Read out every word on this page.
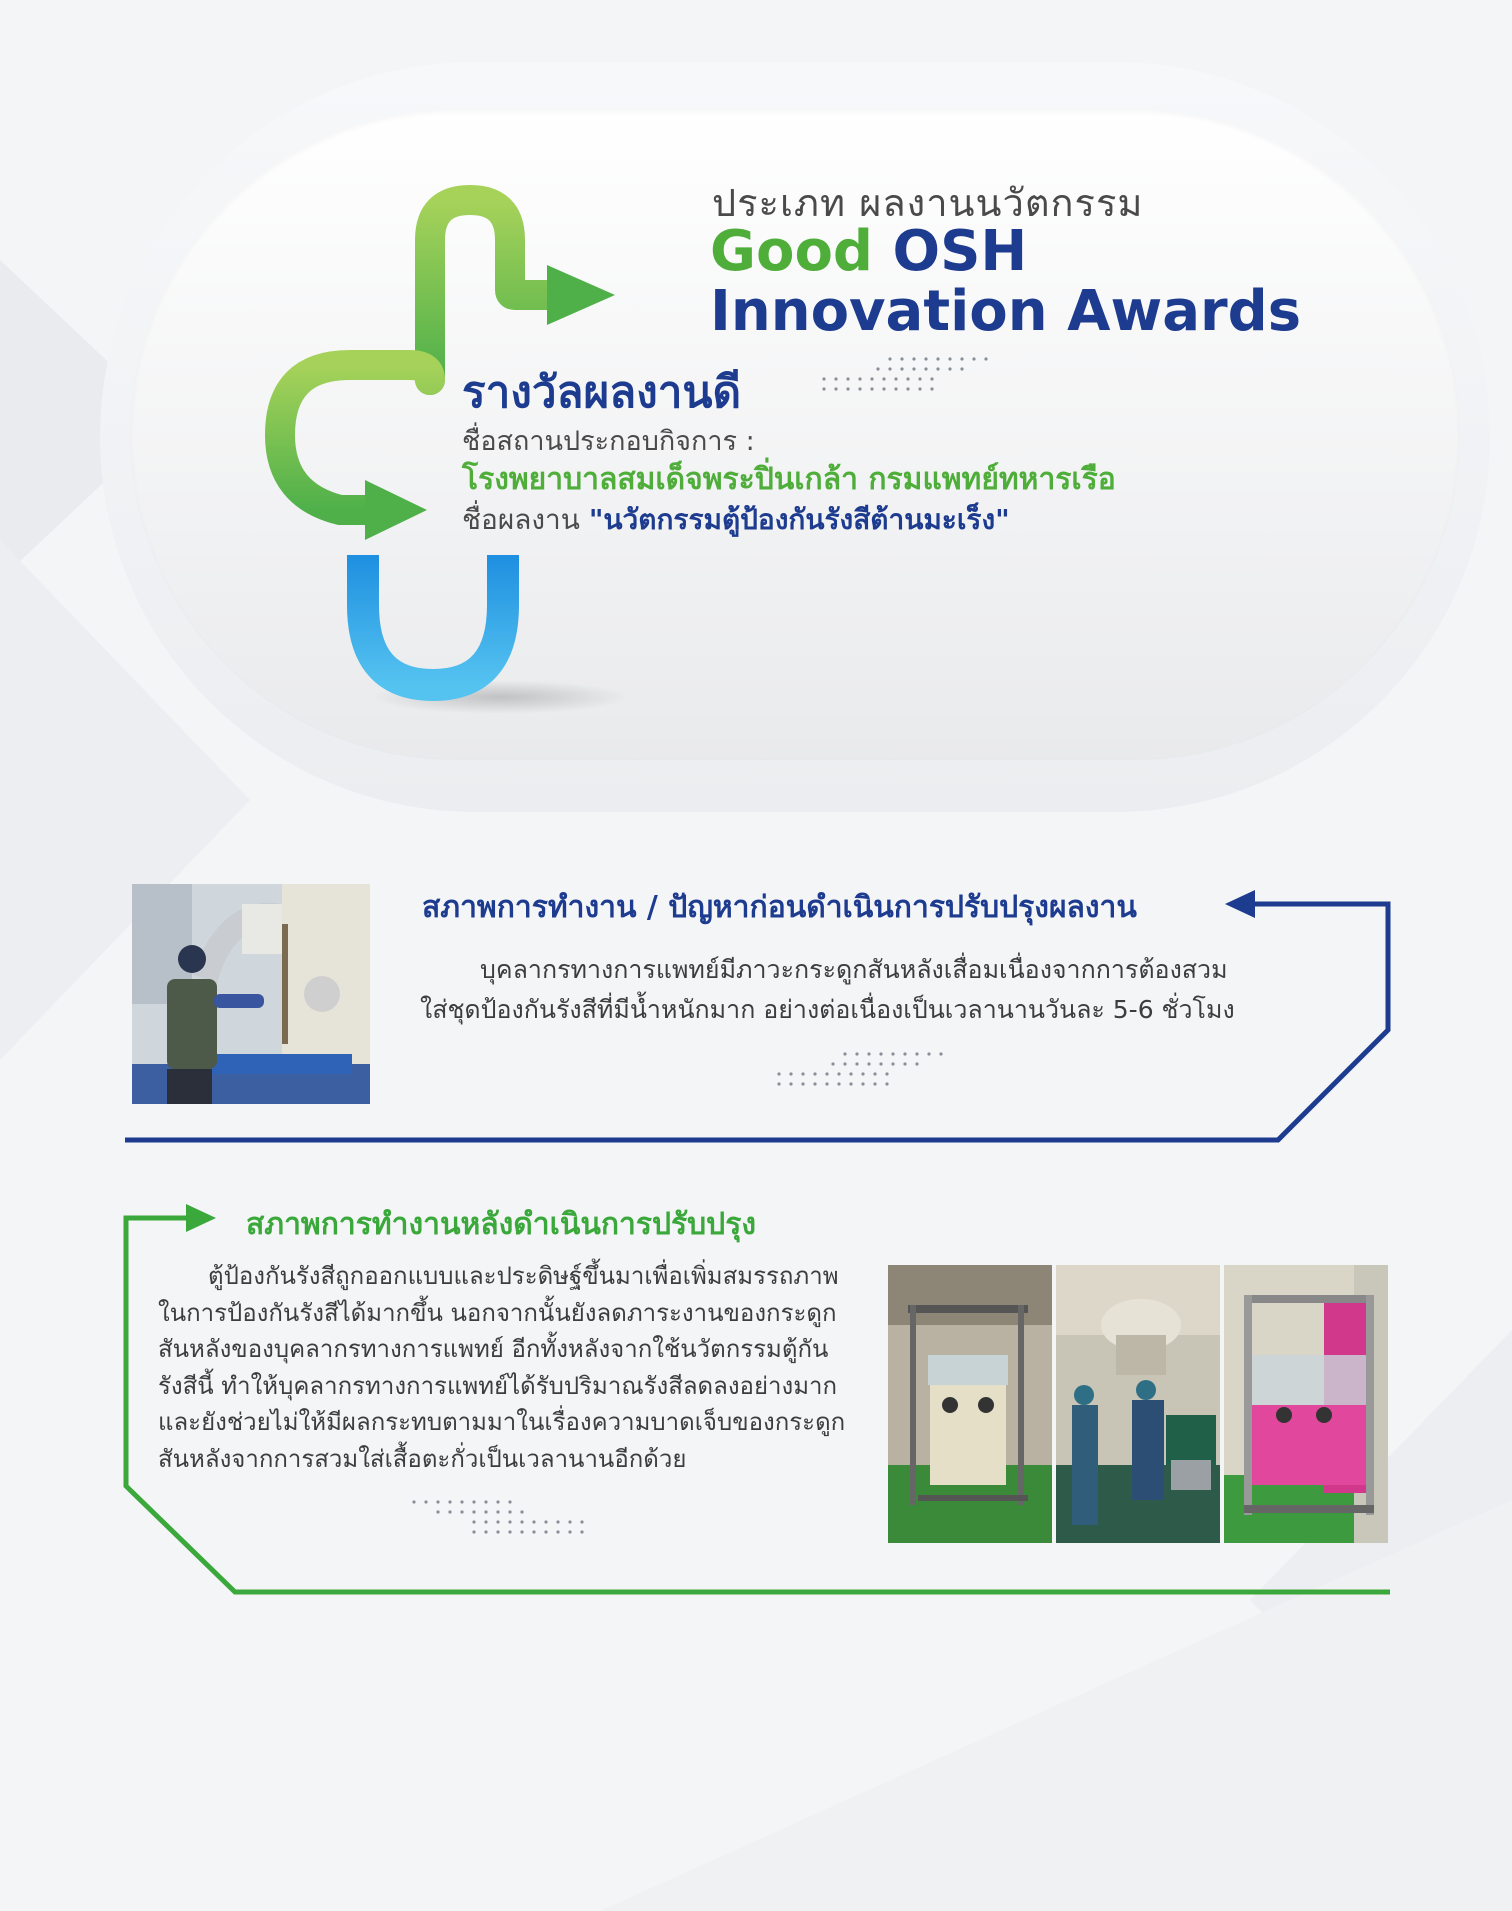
ประเภท ผลงานนวัตกรรม
Good OSH
Innovation Awards
รางวัลผลงานดี
ชื่อสถานประกอบกิจการ :
โรงพยาบาลสมเด็จพระปิ่นเกล้า กรมแพทย์ทหารเรือ
ชื่อผลงาน "นวัตกรรมตู้ป้องกันรังสีต้านมะเร็ง"
สภาพการทำงาน / ปัญหาก่อนดำเนินการปรับปรุงผลงาน

บุคลากรทางการแพทย์มีภาวะกระดูกสันหลังเสื่อมเนื่องจากการต้องสวมใส่ชุดป้องกันรังสีที่มีน้ำหนักมาก อย่างต่อเนื่องเป็นเวลานานวันละ 5-6 ชั่วโมง

สภาพการทำงานหลังดำเนินการปรับปรุง

ตู้ป้องกันรังสีถูกออกแบบและประดิษฐ์ขึ้นมาเพื่อเพิ่มสมรรถภาพในการป้องกันรังสีได้มากขึ้น นอกจากนั้นยังลดภาระงานของกระดูกสันหลังของบุคลากรทางการแพทย์ อีกทั้งหลังจากใช้นวัตกรรมตู้กันรังสีนี้ ทำให้บุคลากรทางการแพทย์ได้รับปริมาณรังสีลดลงอย่างมากและยังช่วยไม่ให้มีผลกระทบตามมาในเรื่องความบาดเจ็บของกระดูกสันหลังจากการสวมใส่เสื้อตะกั่วเป็นเวลานานอีกด้วย
